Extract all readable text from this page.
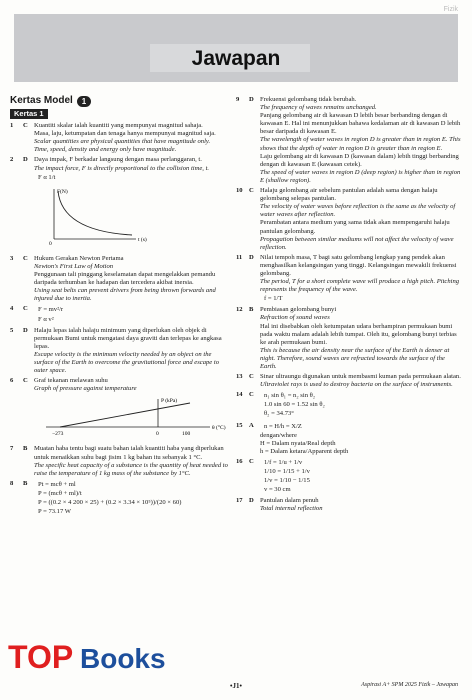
Fizik
Jawapan
Kertas Model	1
Kertas 1
1	C Kuantiti skalar ialah kuantiti yang mempunyai magnitud sahaja.
Masa, laju, ketumpatan dan tenaga hanya mempunyai magnitud saja.
Scalar quantities are physical quantities that have magnitude only.
Time, speed, density and energy only have magnitude.
2	D Daya impak, F berkadar langsung dengan masa perlanggaran, t.
The impact force, F is directly proportional to the collision time, t.
F α 1/t
F(N)
t (s)
0
3	C Hukum Gerakan Newton Pertama
Newton's First Law of Motion
Penggunaan tali pinggang keselamatan dapat mengelakkan pemandu daripada terhumban ke hadapan dan tercedera akibat inersia.
Using seat belts can prevent drivers from being thrown forwards and injured due to inertia.
4	C	F = mv²/r
F α v²
5	D Halaju lepas ialah halaju minimum yang diperlukan oleh objek di permukaan Bumi untuk mengatasi daya graviti dan terlepas ke angkasa lepas.
Escape velocity is the minimum velocity needed by an object on the surface of the Earth to overcome the gravitational force and escape to outer space.
6	C Graf tekanan melawan suhu
Graph of pressure against temperature
P (kPa)
θ (°C)
−273	0	100
7	B Muatan haba tentu bagi suatu bahan ialah kuantiti haba yang diperlukan untuk menaikkan suhu bagi jisim 1 kg bahan itu sebanyak 1 °C.
The specific heat capacity of a substance is the quantity of heat needed to raise the temperature of 1 kg mass of the substance by 1°C.
8	B	Pt = mcθ + ml
P = (mcθ + ml)/t
P = ((0.2 × 4 200 × 25) + (0.2 × 3.34 × 10⁵))/(20 × 60)
P = 73.17 W
9	D Frekuensi gelombang tidak berubah.
The frequency of waves remains unchanged.
Panjang gelombang air di kawasan D lebih besar berbanding dengan di kawasan E. Hal ini menunjukkan bahawa kedalaman air di kawasan D lebih besar daripada di kawasan E.
The wavelength of water waves in region D is greater than in region E. This shows that the depth of water in region D is greater than in region E.
Laju gelombang air di kawasan D (kawasan dalam) lebih tinggi berbanding dengan di kawasan E (kawasan cetek).
The speed of water waves in region D (deep region) is higher than in region E (shallow region).
10 C Halaju gelombang air sebelum pantulan adalah sama dengan halaju gelombang selepas pantulan.
The velocity of water waves before reflection is the same as the velocity of water waves after reflection.
Perambatan antara medium yang sama tidak akan mempengaruhi halaju pantulan gelombang.
Propagation between similar mediums will not affect the velocity of wave reflection.
11	D Nilai tempoh masa, T bagi satu gelombang lengkap yang pendek akan menghasilkan kelangsingan yang tinggi. Kelangsingan mewakili frekuensi gelombang.
The period, T for a short complete wave will produce a high pitch. Pitching represents the frequency of the wave.
f = 1/T
12 B Pembiasan gelombang bunyi
Refraction of sound waves
Hal ini disebabkan oleh ketumpatan udara berhampiran permukaan bumi pada waktu malam adalah lebih tumpat. Oleh itu, gelombang bunyi terbias ke arah permukaan bumi.
This is because the air density near the surface of the Earth is denser at night. Therefore, sound waves are refracted towards the surface of the Earth.
13 C Sinar ultraungu digunakan untuk membasmi kuman pada permukaan alatan.
Ultraviolet rays is used to destroy bacteria on the surface of instruments.
14 C	n₁ sin θ₁ = n₂ sin θ₂
1.0 sin 60 = 1.52 sin θ₂
θ₂ = 34.73°
15 A	n = H/h = X/Z
dengan/where
H = Dalam nyata/Real depth
h = Dalam ketara/Apparent depth
16 C	1/f = 1/u + 1/v
1/10 = 1/15 + 1/v
1/v = 1/10 − 1/15
v = 30 cm
17 D Pantulan dalam penuh
Total internal reflection
TOP Books
•J1•	Aspirasi A+ SPM 2025 Fizik – Jawapan
